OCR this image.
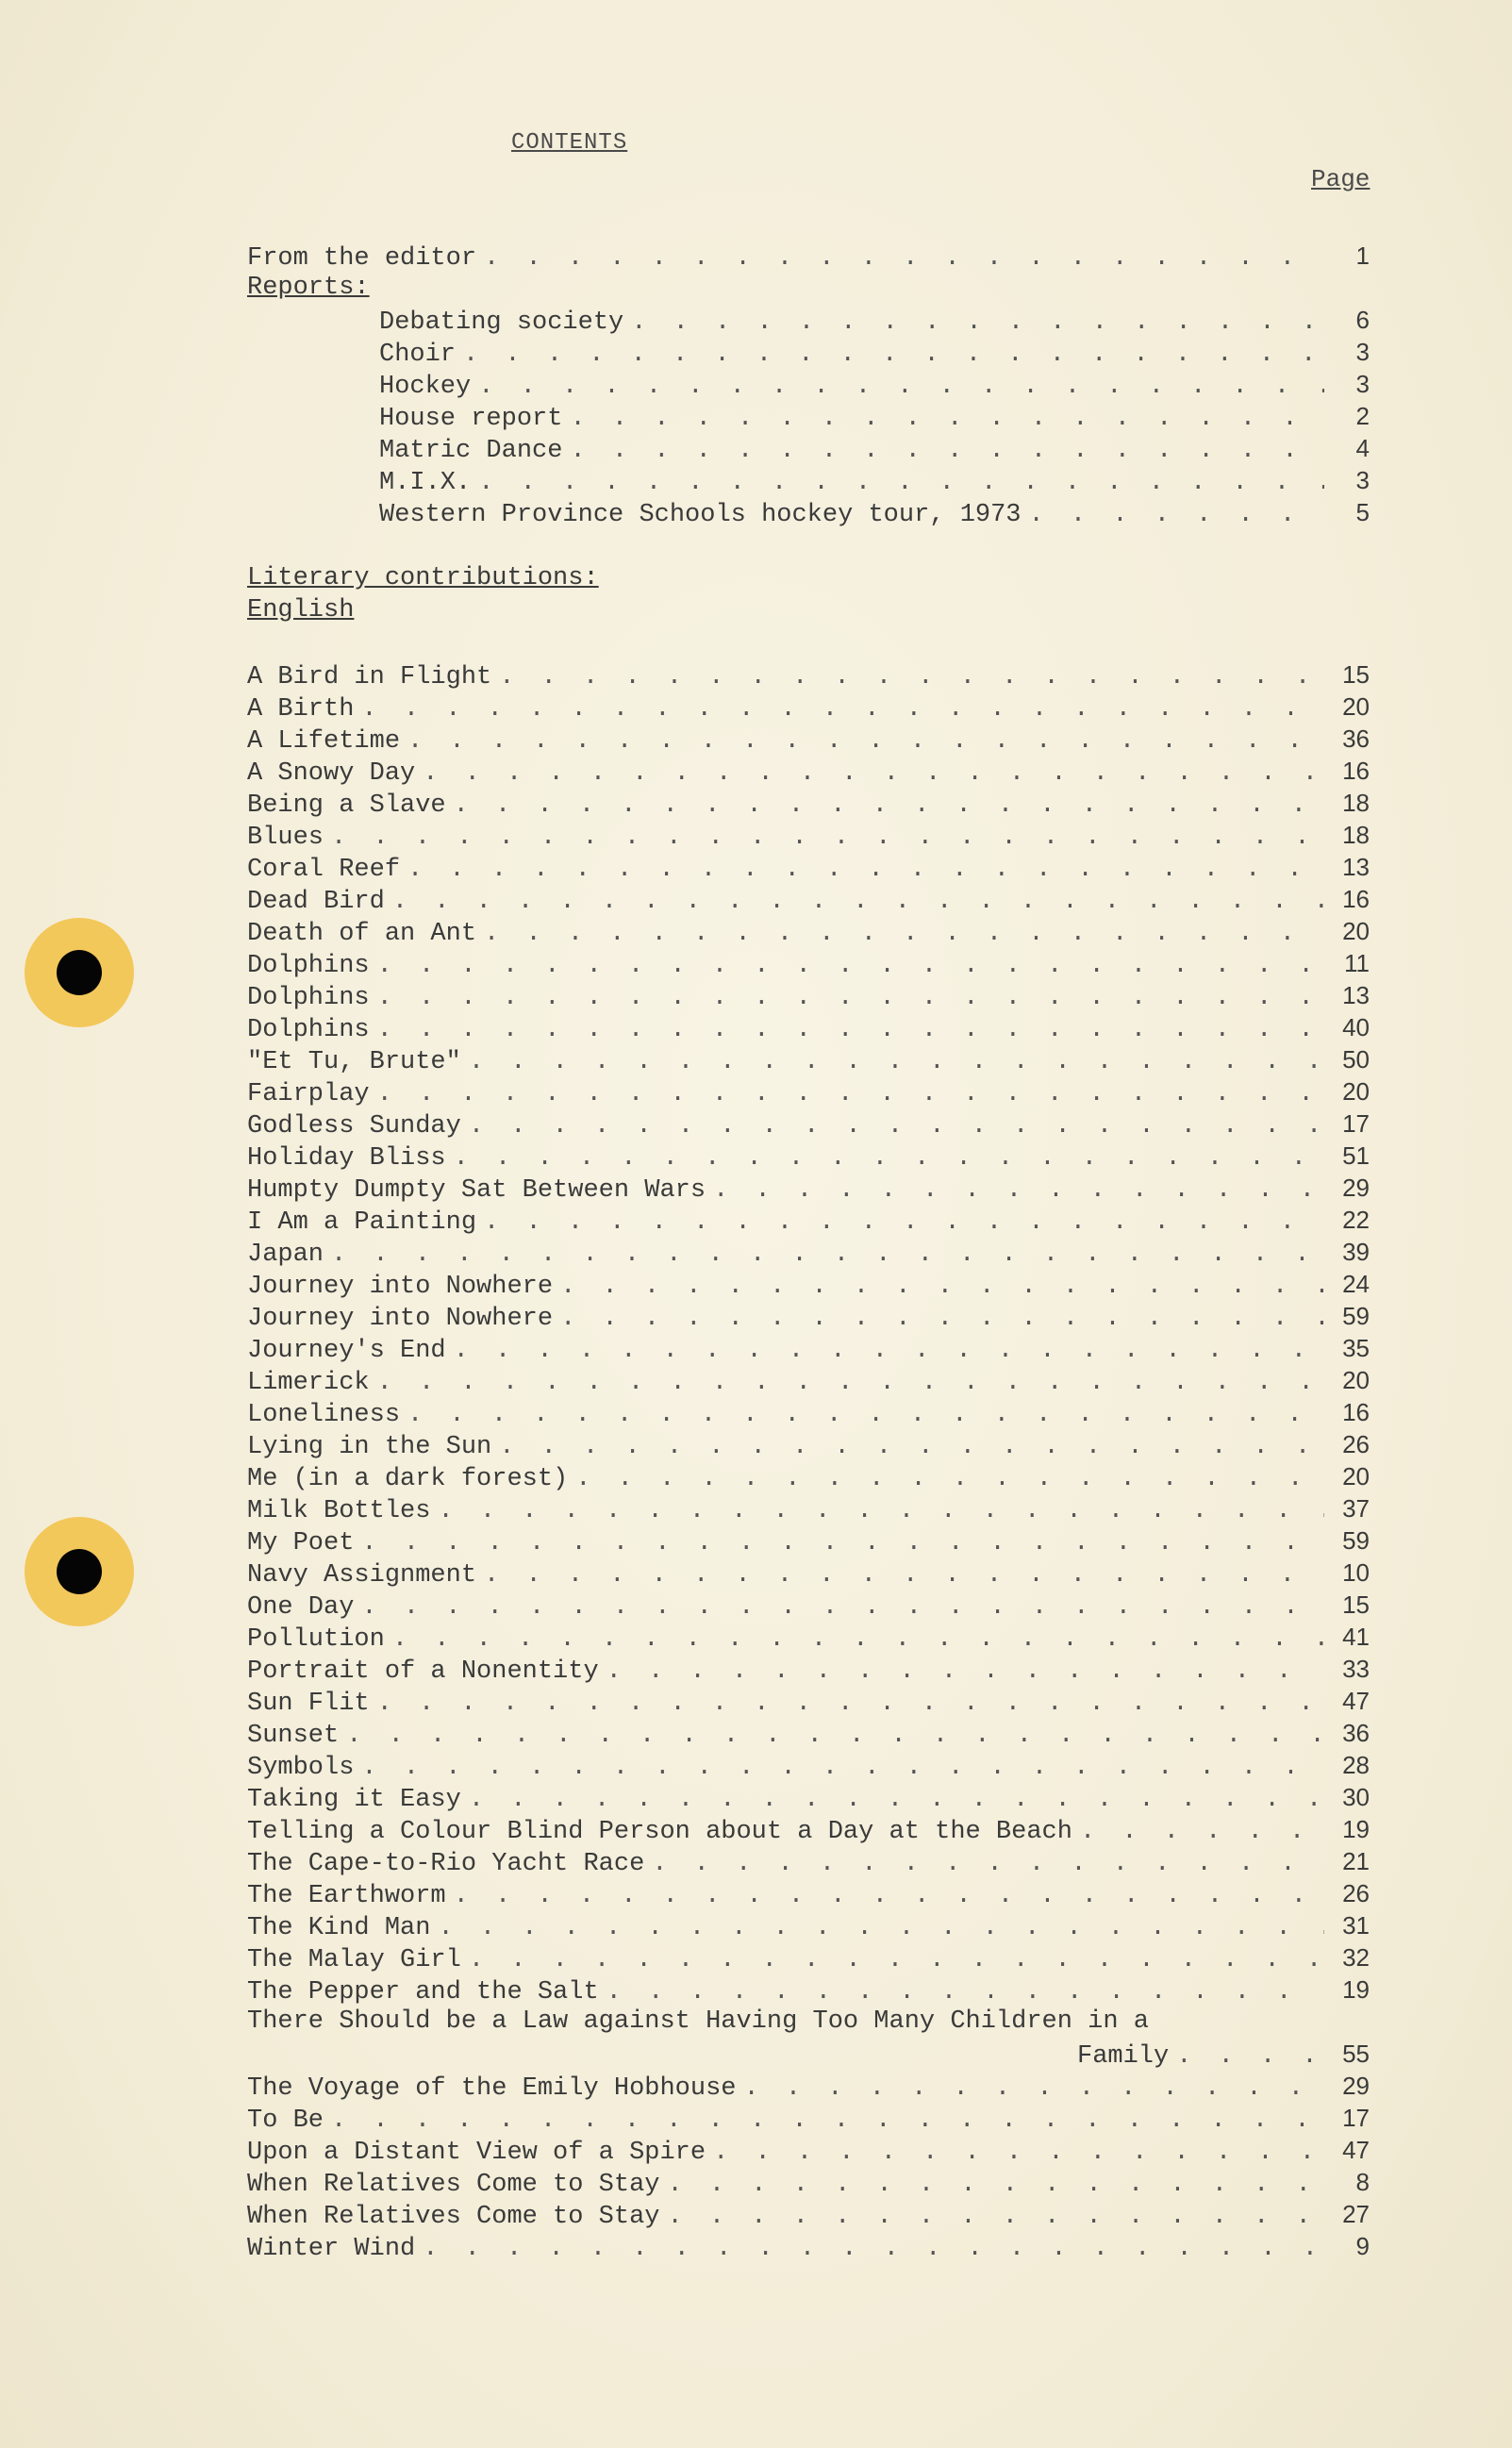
CONTENTS
Page
From the editor . . .	1
Reports:
Debating society . . .	6
Choir . . .	3
Hockey . . .	3
House report . . .	2
Matric Dance . . .	4
M.I.X. . . .	3
Western Province Schools hockey tour, 1973 . . .	5
Literary contributions:
English
A Bird in Flight . . .	15
A Birth . . .	20
A Lifetime . . .	36
A Snowy Day . . .	16
Being a Slave . . .	18
Blues . . .	18
Coral Reef . . .	13
Dead Bird . . .	16
Death of an Ant . . .	20
Dolphins . . .	11
Dolphins . . .	13
Dolphins . . .	40
"Et Tu, Brute" . . .	50
Fairplay . . .	20
Godless Sunday . . .	17
Holiday Bliss . . .	51
Humpty Dumpty Sat Between Wars . . .	29
I Am a Painting . . .	22
Japan . . .	39
Journey into Nowhere . . .	24
Journey into Nowhere . . .	59
Journey's End . . .	35
Limerick . . .	20
Loneliness . . .	16
Lying in the Sun . . .	26
Me (in a dark forest) . . .	20
Milk Bottles . . .	37
My Poet . . .	59
Navy Assignment . . .	10
One Day . . .	15
Pollution . . .	41
Portrait of a Nonentity . . .	33
Sun Flit . . .	47
Sunset . . .	36
Symbols . . .	28
Taking it Easy . . .	30
Telling a Colour Blind Person about a Day at the Beach . . .	19
The Cape-to-Rio Yacht Race . . .	21
The Earthworm . . .	26
The Kind Man . . .	31
The Malay Girl . . .	32
The Pepper and the Salt . . .	19
There Should be a Law against Having Too Many Children in a
Family . . .	55
The Voyage of the Emily Hobhouse . . .	29
To Be . . .	17
Upon a Distant View of a Spire . . .	47
When Relatives Come to Stay . . .	8
When Relatives Come to Stay . . .	27
Winter Wind . . .	9
